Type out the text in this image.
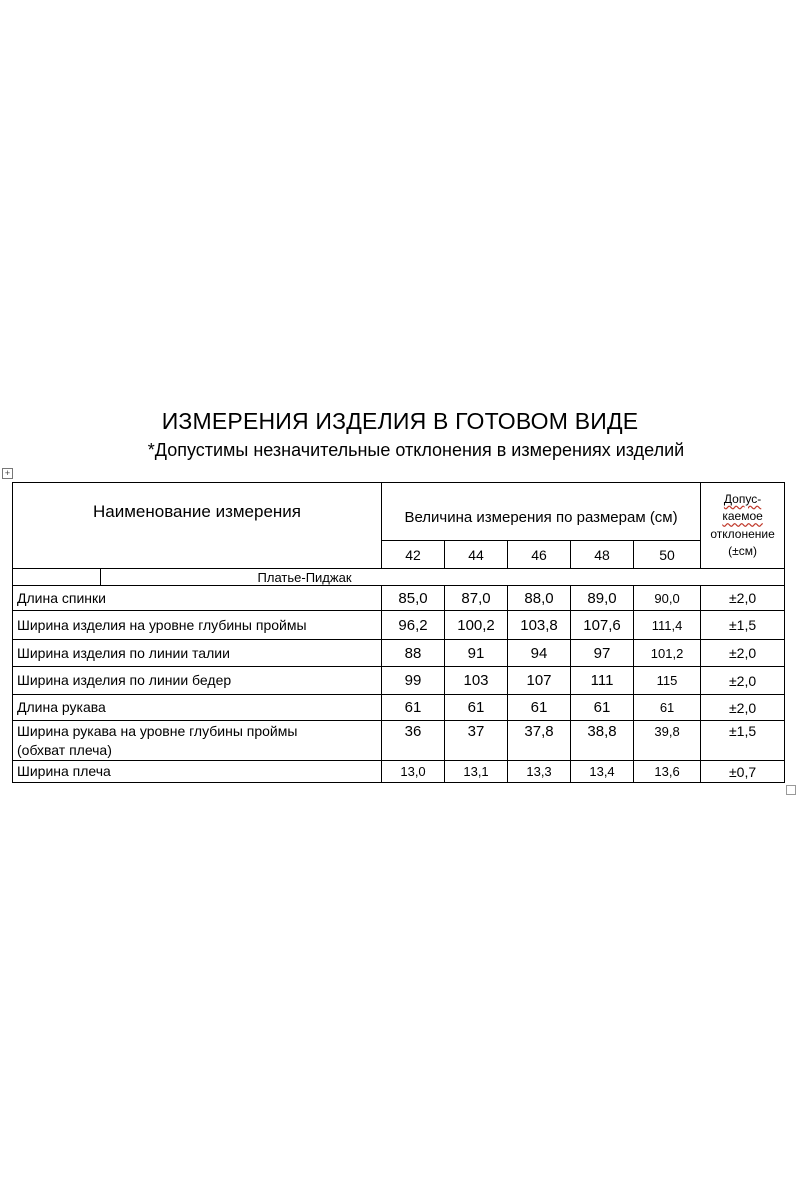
ИЗМЕРЕНИЯ ИЗДЕЛИЯ В ГОТОВОМ ВИДЕ
*Допустимы незначительные отклонения в измерениях изделий
+
Наименование измерения		Величина измерения по размерам (см)					Допус-
каемое
отклонение
(±см)

		42	44	46	48	50	
	Платье-Пиджак						
Длина спинки		85,0	87,0	88,0	89,0	90,0	±2,0
Ширина изделия на уровне глубины проймы		96,2	100,2	103,8	107,6	111,4	±1,5
Ширина изделия по линии талии		88	91	94	97	101,2	±2,0
Ширина изделия по линии бедер		99	103	107	111	115	±2,0
Длина рукава		61	61	61	61	61	±2,0

Ширина рукава на уровне глубины проймы
(обхват плеча)		36	37	37,8	38,8	39,8	±1,5
Ширина плеча		13,0	13,1	13,3	13,4	13,6	±0,7
